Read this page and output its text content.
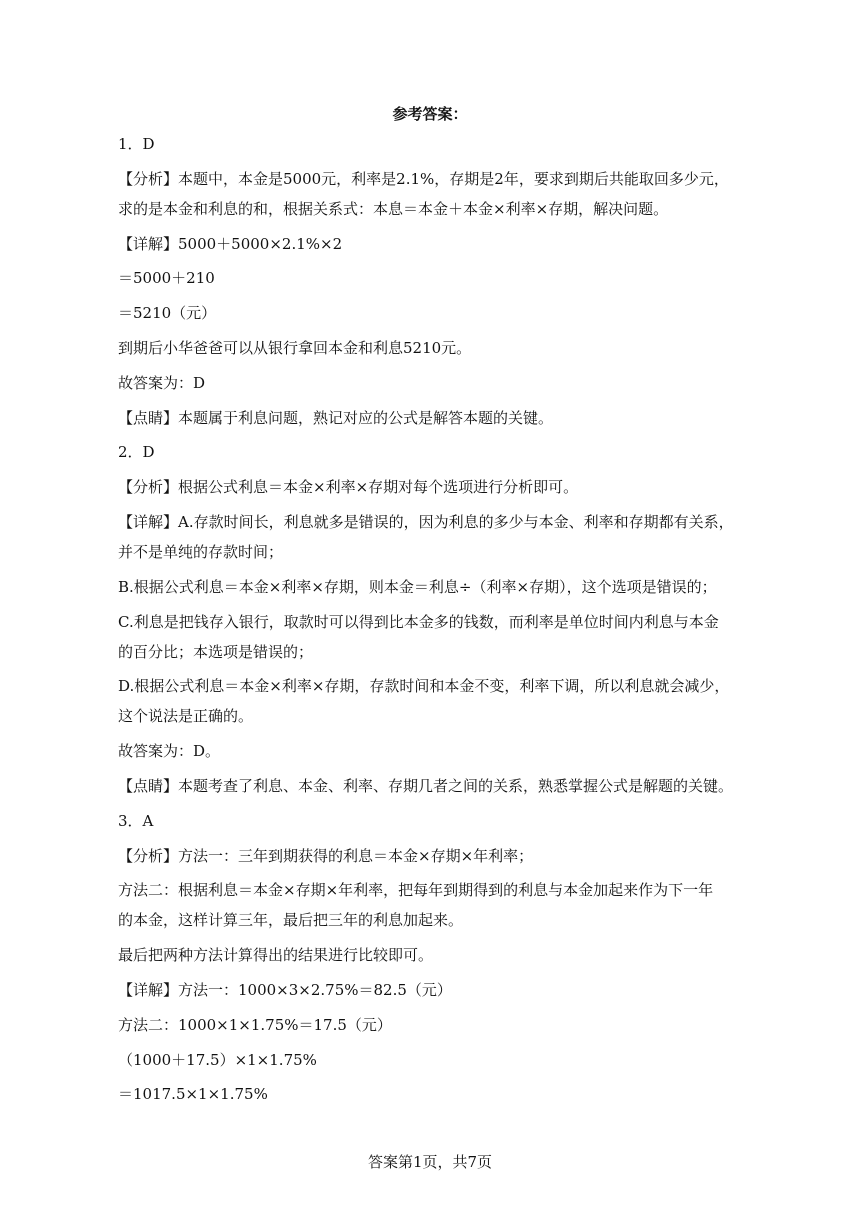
参考答案：
1．D
【分析】本题中，本金是5000元，利率是2.1%，存期是2年，要求到期后共能取回多少元，
求的是本金和利息的和，根据关系式：本息＝本金＋本金×利率×存期，解决问题。
【详解】5000＋5000×2.1%×2
＝5000＋210
＝5210（元）
到期后小华爸爸可以从银行拿回本金和利息5210元。
故答案为：D
【点睛】本题属于利息问题，熟记对应的公式是解答本题的关键。
2．D
【分析】根据公式利息＝本金×利率×存期对每个选项进行分析即可。
【详解】A.存款时间长，利息就多是错误的，因为利息的多少与本金、利率和存期都有关系，
并不是单纯的存款时间；
B.根据公式利息＝本金×利率×存期，则本金＝利息÷（利率×存期），这个选项是错误的；
C.利息是把钱存入银行，取款时可以得到比本金多的钱数，而利率是单位时间内利息与本金
的百分比；本选项是错误的；
D.根据公式利息＝本金×利率×存期，存款时间和本金不变，利率下调，所以利息就会减少，
这个说法是正确的。
故答案为：D。
【点睛】本题考查了利息、本金、利率、存期几者之间的关系，熟悉掌握公式是解题的关键。
3．A
【分析】方法一：三年到期获得的利息＝本金×存期×年利率；
方法二：根据利息＝本金×存期×年利率，把每年到期得到的利息与本金加起来作为下一年
的本金，这样计算三年，最后把三年的利息加起来。
最后把两种方法计算得出的结果进行比较即可。
【详解】方法一：1000×3×2.75%＝82.5（元）
方法二：1000×1×1.75%＝17.5（元）
（1000＋17.5）×1×1.75%
＝1017.5×1×1.75%
答案第1页，共7页
